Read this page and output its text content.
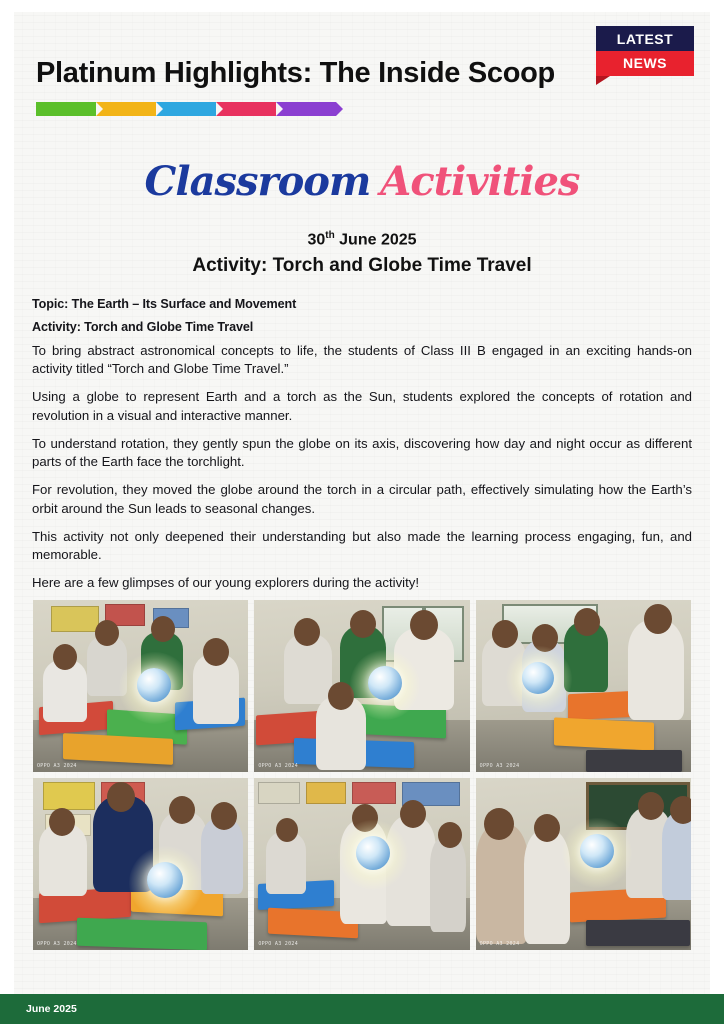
LATEST
NEWS
Platinum Highlights: The Inside Scoop
Classroom Activities
30th June 2025
Activity: Torch and Globe Time Travel

Topic: The Earth – Its Surface and Movement

Activity: Torch and Globe Time Travel

To bring abstract astronomical concepts to life, the students of Class III B engaged in an exciting hands-on activity titled “Torch and Globe Time Travel.”

Using a globe to represent Earth and a torch as the Sun, students explored the concepts of rotation and revolution in a visual and interactive manner.

To understand rotation, they gently spun the globe on its axis, discovering how day and night occur as different parts of the Earth face the torchlight.

For revolution, they moved the globe around the torch in a circular path, effectively simulating how the Earth’s orbit around the Sun leads to seasonal changes.

This activity not only deepened their understanding but also made the learning process engaging, fun, and memorable.

Here are a few glimpses of our young explorers during the activity!

OPPO A3 2024	OPPO A3 2024	OPPO A3 2024
OPPO A3 2024	OPPO A3 2024	OPPO A3 2024
June 2025
